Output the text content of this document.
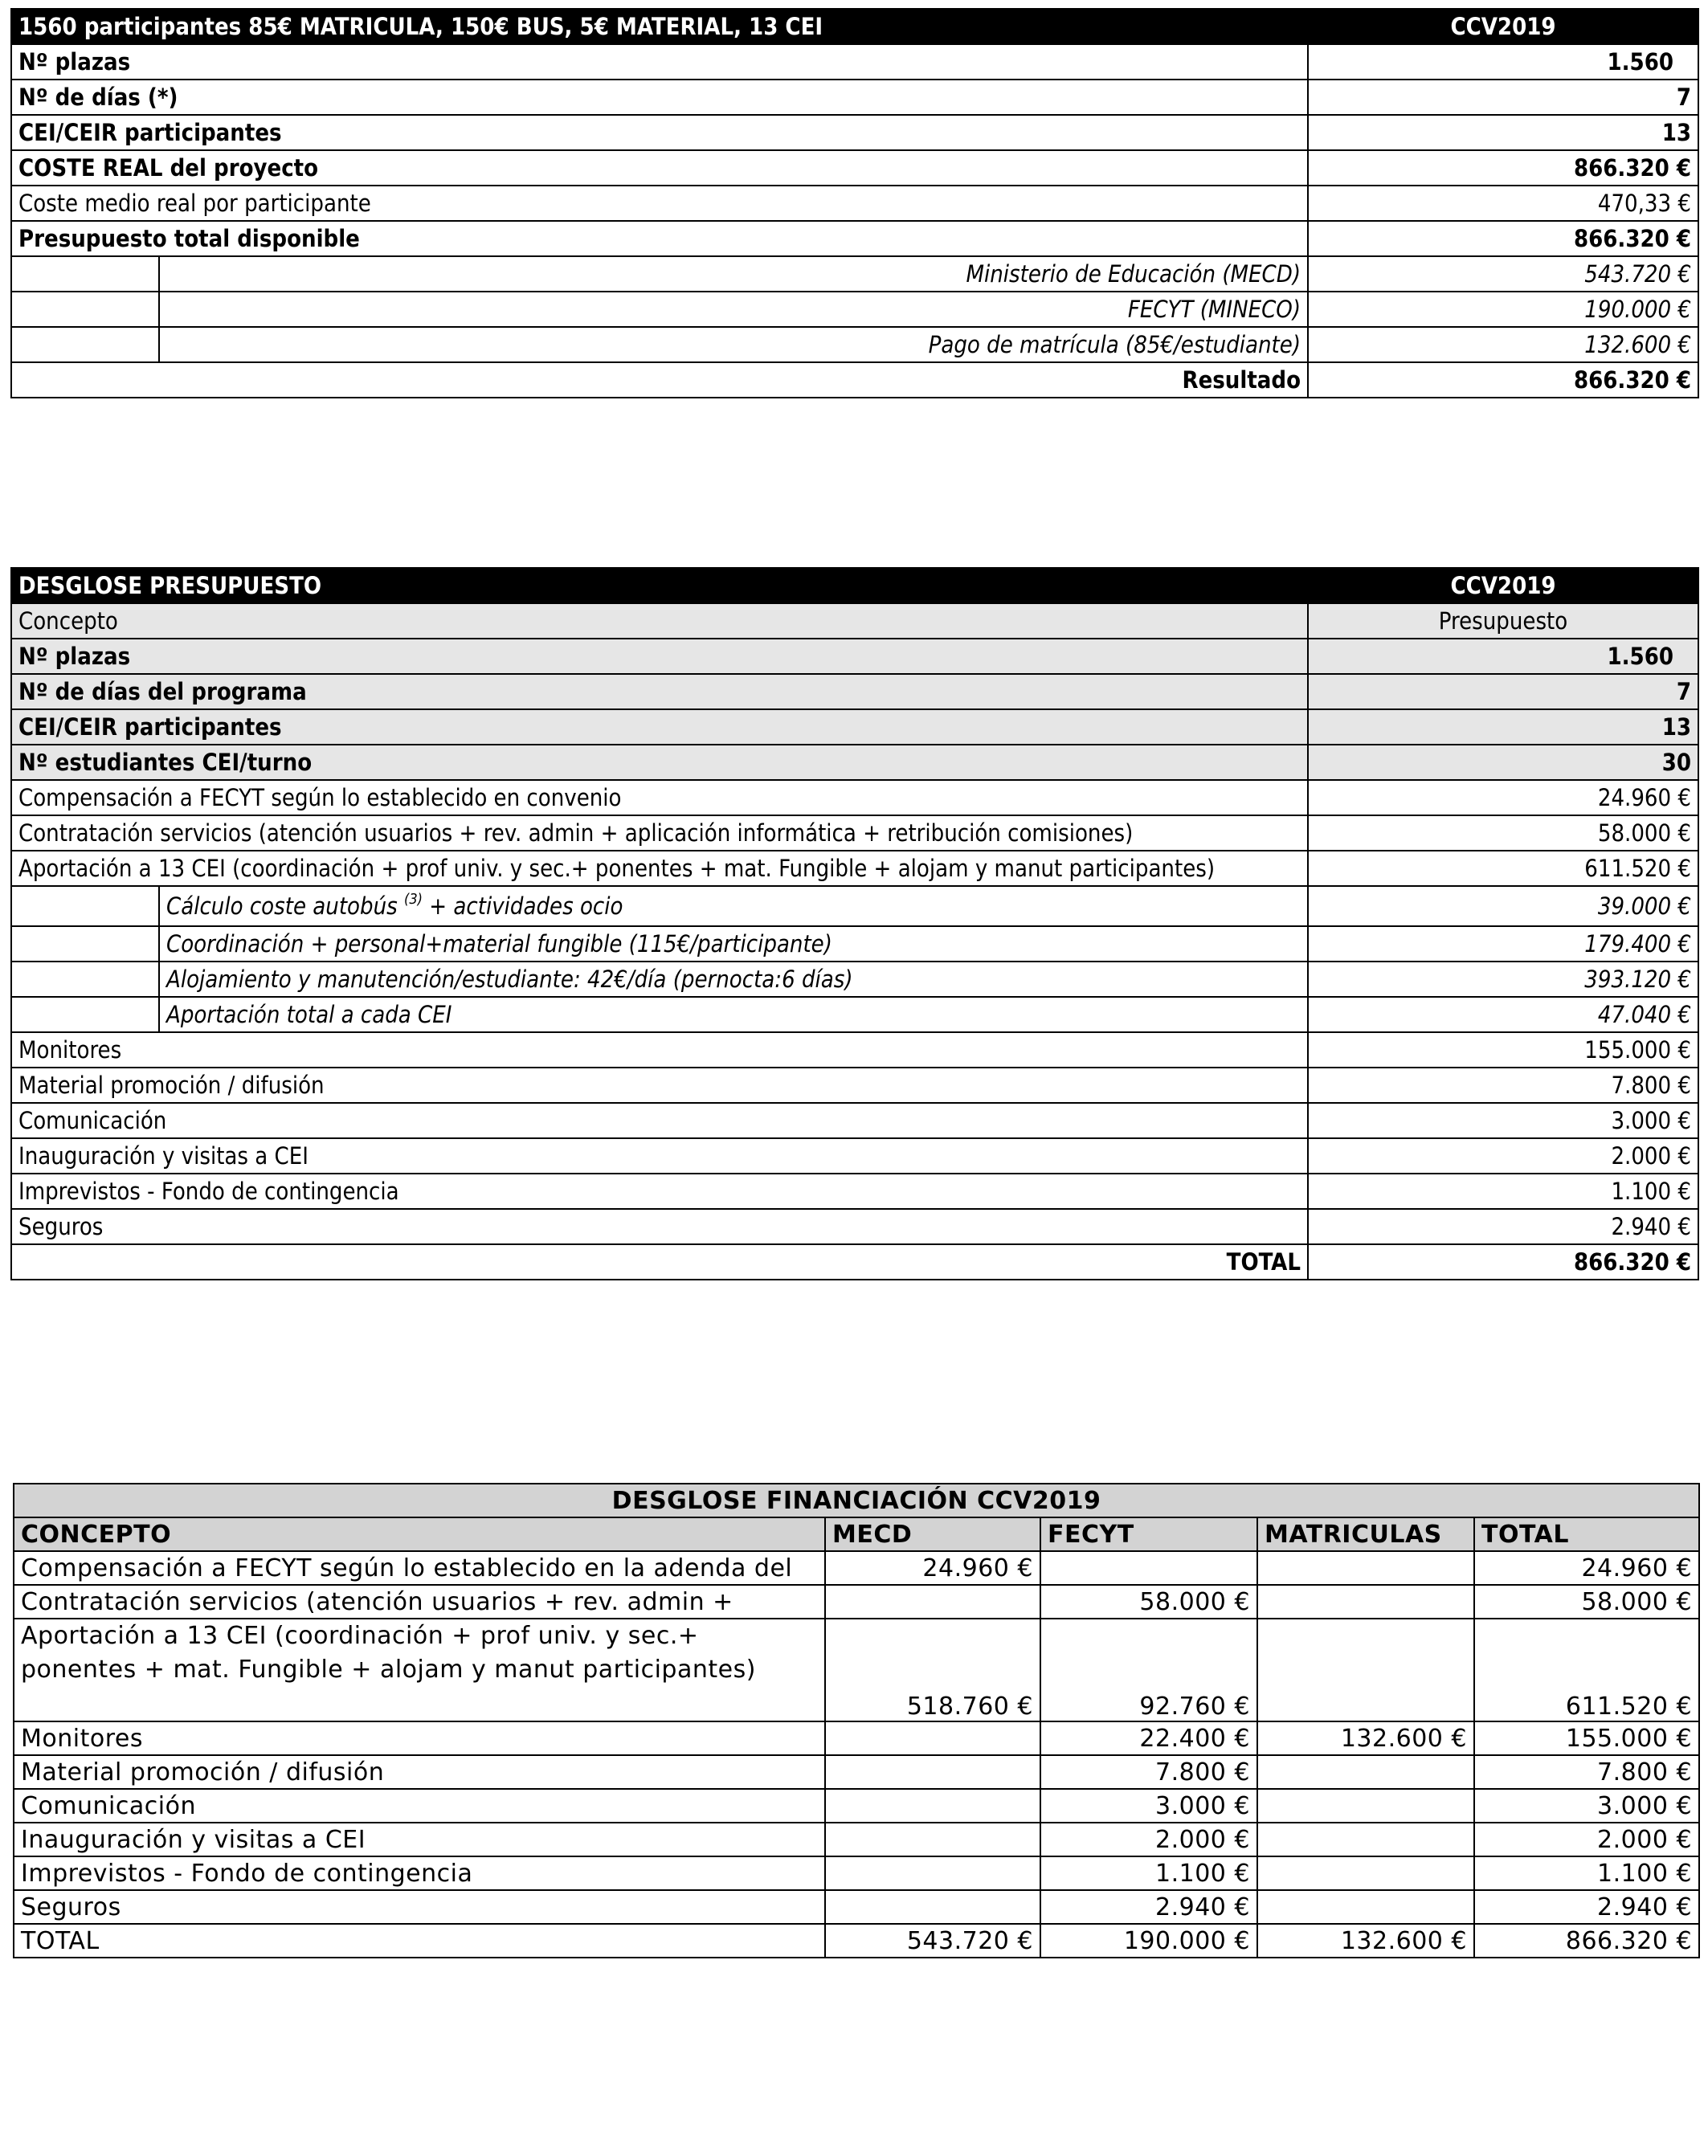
1560 participantes 85€ MATRICULA, 150€ BUS, 5€ MATERIAL, 13 CEI		CCV2019
Nº plazas		1.560
Nº de días (*)		7
CEI/CEIR participantes		13
COSTE REAL del proyecto		866.320 €
Coste medio real por participante		470,33 €
Presupuesto total disponible		866.320 €
	Ministerio de Educación (MECD)	543.720 €
	FECYT (MINECO)	190.000 €
	Pago de matrícula (85€/estudiante)	132.600 €
Resultado		866.320 €
DESGLOSE PRESUPUESTO		CCV2019
Concepto		Presupuesto
Nº plazas		1.560
Nº de días del programa		7
CEI/CEIR participantes		13
Nº estudiantes CEI/turno		30
Compensación a FECYT según lo establecido en convenio		24.960 €
Contratación servicios (atención usuarios + rev. admin + aplicación informática + retribución comisiones)		58.000 €
Aportación a 13 CEI (coordinación + prof univ. y sec.+ ponentes + mat. Fungible + alojam y manut participantes)		611.520 €
	Cálculo coste autobús $^{(3)}$ + actividades ocio	39.000 €
	Coordinación + personal+material fungible (115€/participante)	179.400 €
	Alojamiento y manutención/estudiante: 42€/día (pernocta:6 días)	393.120 €
	Aportación total a cada CEI	47.040 €
Monitores		155.000 €
Material promoción / difusión		7.800 €
Comunicación		3.000 €
Inauguración y visitas a CEI		2.000 €
Imprevistos - Fondo de contingencia		1.100 €
Seguros		2.940 €
TOTAL		866.320 €
DESGLOSE FINANCIACIÓN CCV2019				
CONCEPTO	MECD	FECYT	MATRICULAS	TOTAL
Compensación a FECYT según lo establecido en la adenda del	24.960 €			24.960 €
Contratación servicios (atención usuarios + rev. admin +		58.000 €		58.000 €
Aportación a 13 CEI (coordinación + prof univ. y sec.+ ponentes + mat. Fungible + alojam y manut participantes)	518.760 €	92.760 €		611.520 €
Monitores		22.400 €	132.600 €	155.000 €
Material promoción / difusión		7.800 €		7.800 €
Comunicación		3.000 €		3.000 €
Inauguración y visitas a CEI		2.000 €		2.000 €
Imprevistos - Fondo de contingencia		1.100 €		1.100 €
Seguros		2.940 €		2.940 €
TOTAL	543.720 €	190.000 €	132.600 €	866.320 €
